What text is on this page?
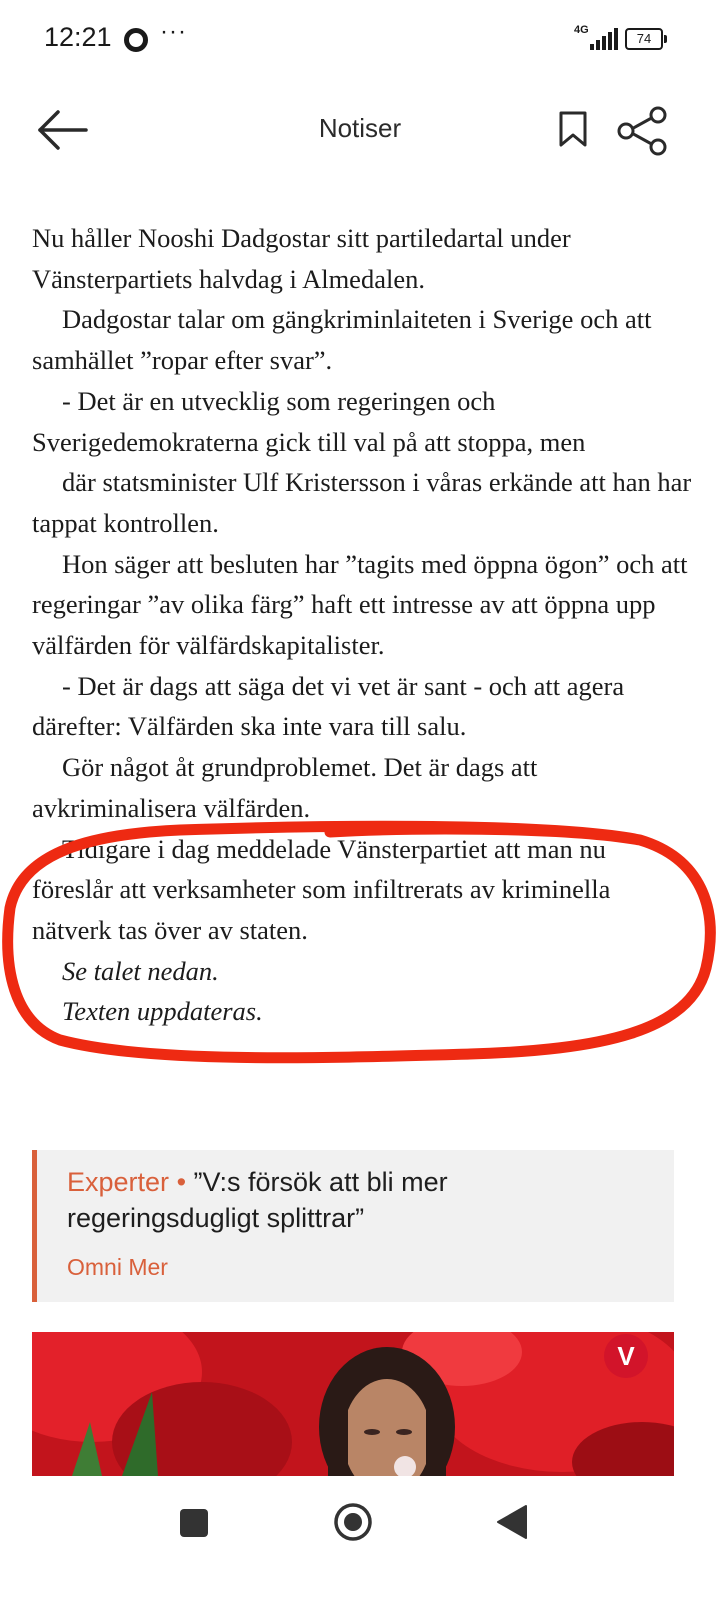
12:21 ···	4G
74
Notiser

Nu håller Nooshi Dadgostar sitt partiledartal under Vänsterpartiets halvdag i Almedalen.

Dadgostar talar om gängkriminlaiteten i Sverige och att samhället ”ropar efter svar”.

- Det är en utvecklig som regeringen och Sverigedemokraterna gick till val på att stoppa, men

där statsminister Ulf Kristersson i våras erkände att han har tappat kontrollen.

Hon säger att besluten har ”tagits med öppna ögon” och att regeringar ”av olika färg” haft ett intresse av att öppna upp välfärden för välfärdskapitalister.

- Det är dags att säga det vi vet är sant - och att agera därefter: Välfärden ska inte vara till salu.

Gör något åt grundproblemet. Det är dags att avkriminalisera välfärden.

Tidigare i dag meddelade Vänsterpartiet att man nu föreslår att verksamheter som infiltrerats av kriminella nätverk tas över av staten.

Se talet nedan.

Texten uppdateras.

Experter • ”V:s försök att bli mer regeringsdugligt splittrar”
Omni Mer
V
